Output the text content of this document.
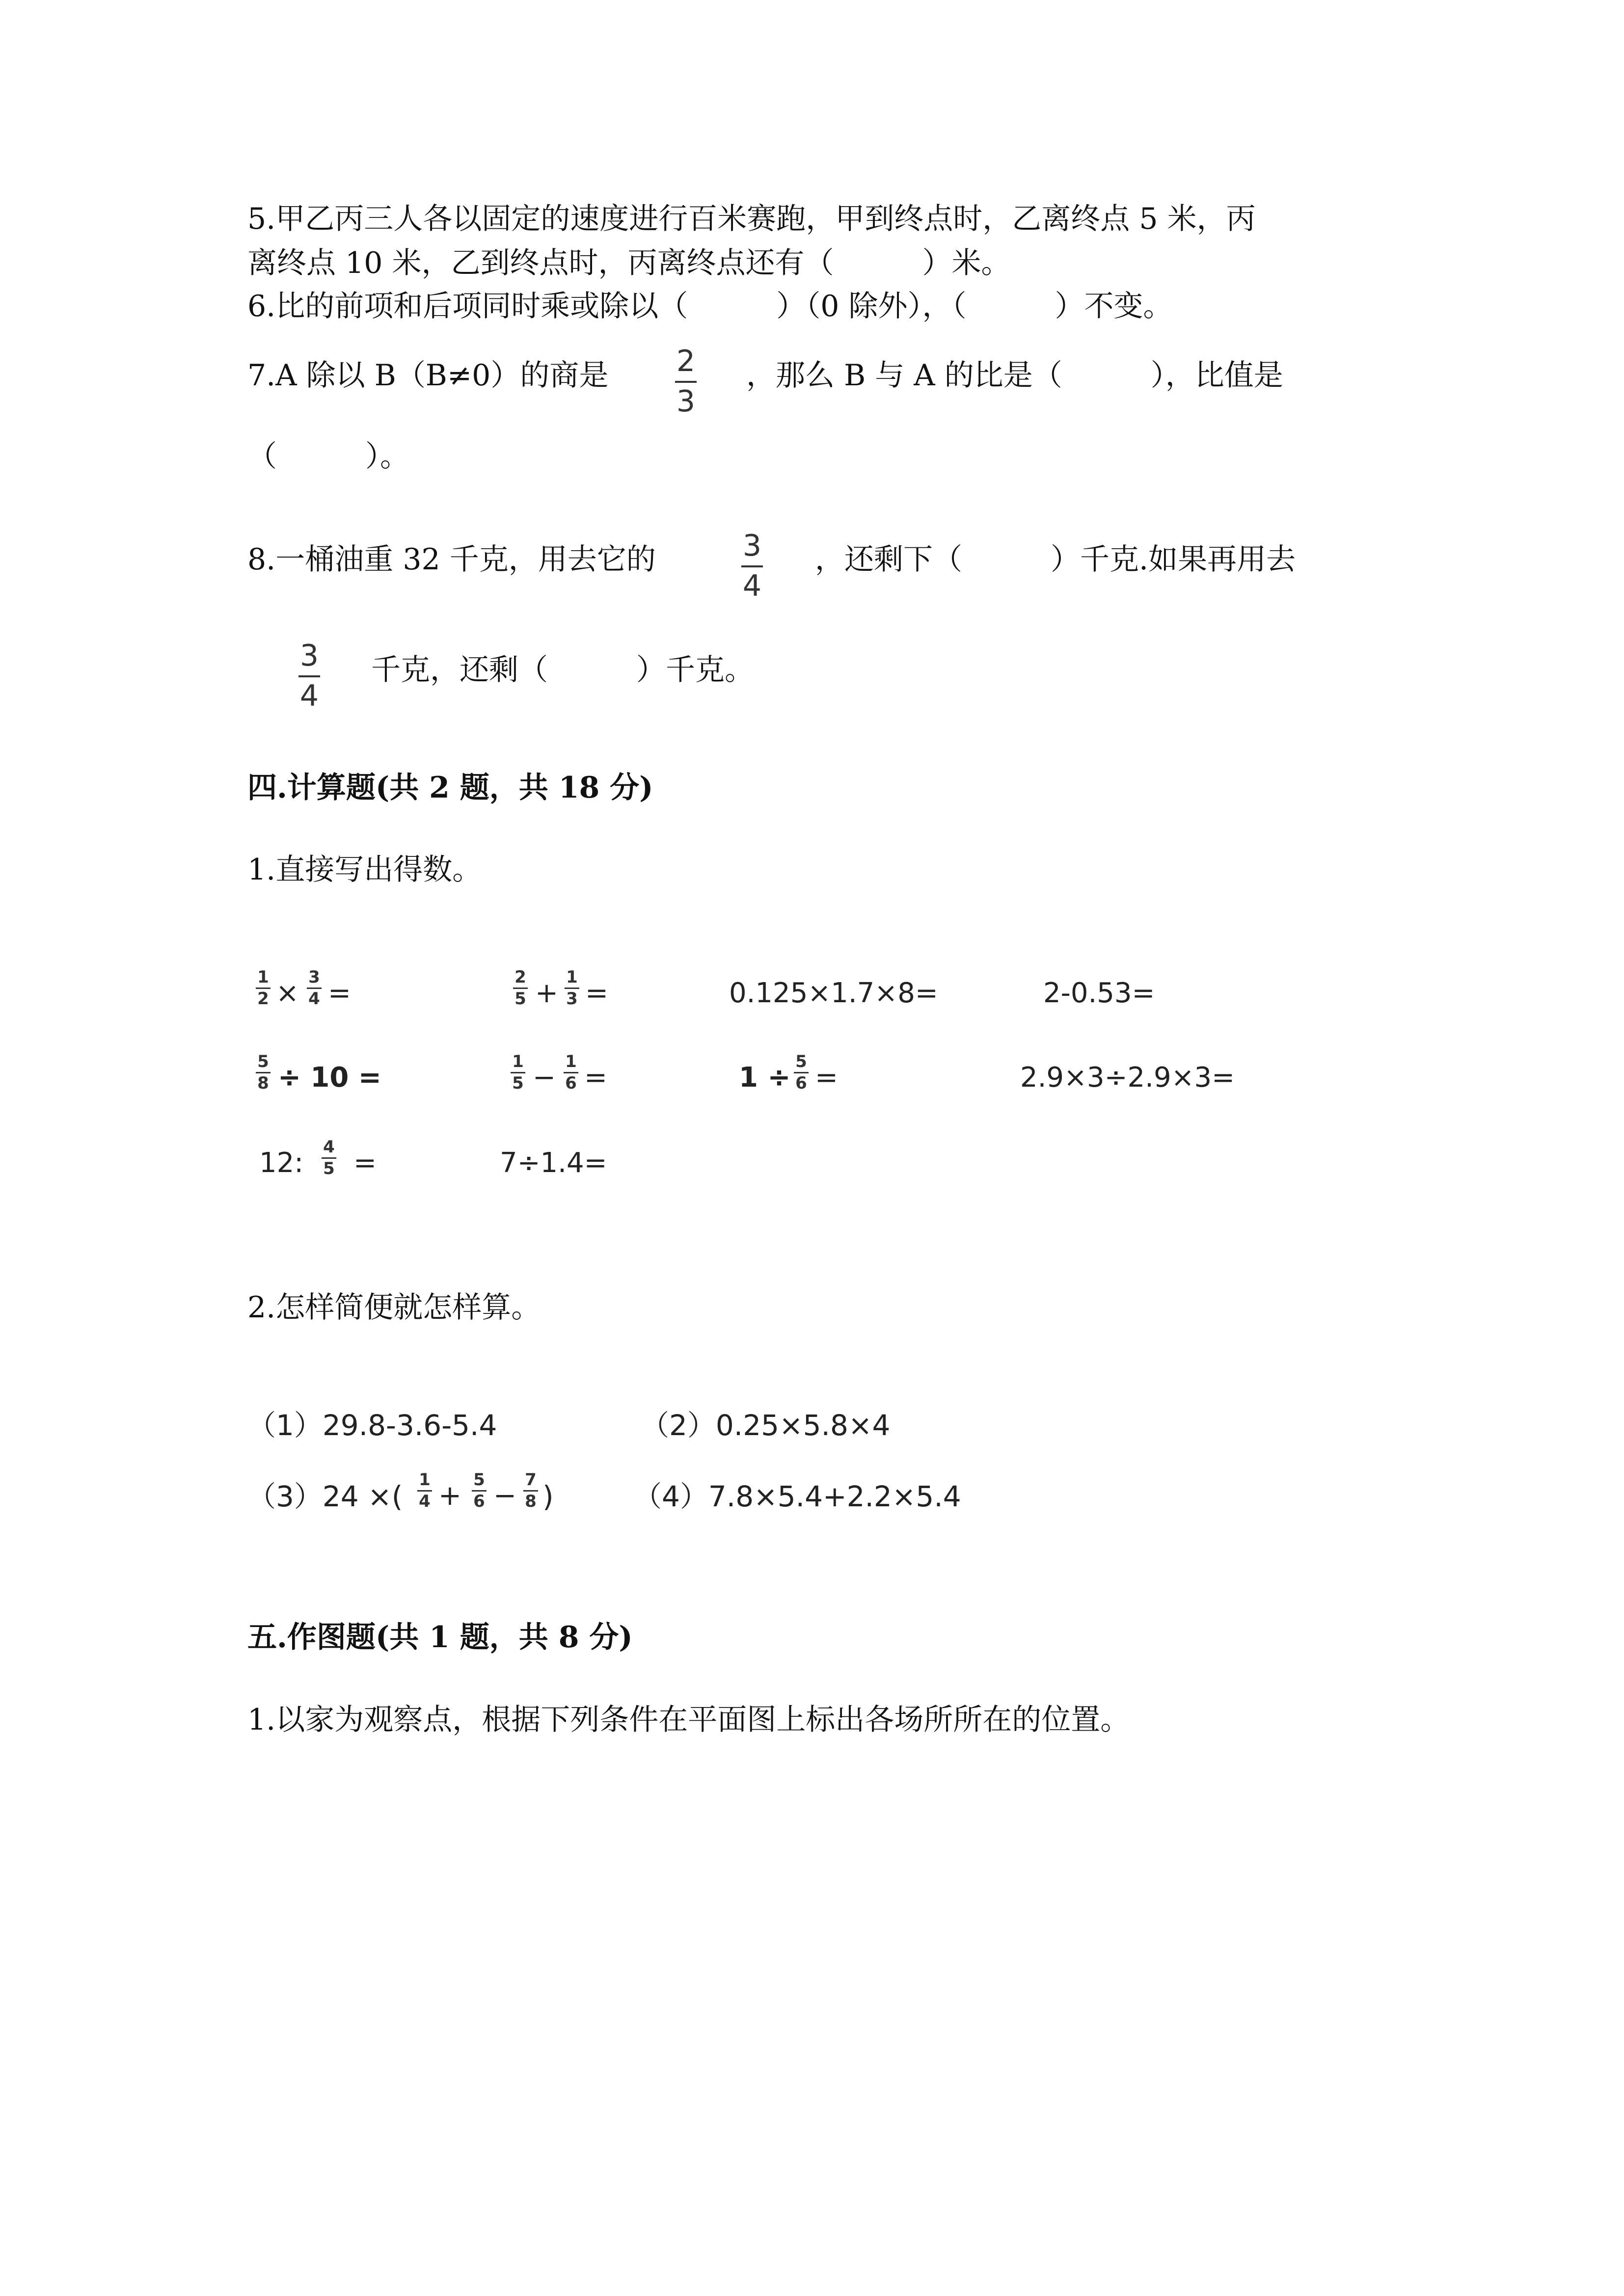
5.甲乙丙三人各以固定的速度进行百米赛跑，甲到终点时，乙离终点 5 米，丙
离终点 10 米，乙到终点时，丙离终点还有（　　　）米。
6.比的前项和后项同时乘或除以（　　　）（0 除外），（　　　）不变。
7.A 除以 B（B≠0）的商是 2
3
，那么 B 与 A 的比是（　　　），比值是
（　　　）。
8.一桶油重 32 千克，用去它的	3
4
，还剩下（　　　）千克.如果再用去
3
4
千克，还剩（　　　）千克。
四.计算题(共 2 题，共 18 分)
1.直接写出得数。
1
2 × 3
4 =	2
5 + 1
3 =	0.125×1.7×8=	2-0.53=
5
8 ÷ 10 =	1
5 − 1
6 =	1 ÷ 5
6 =	2.9×3÷2.9×3=
12: 4
5 =	7÷1.4=
2.怎样简便就怎样算。
（1）29.8-3.6-5.4	（2）0.25×5.8×4
（3）24 ×( 1
4 + 5
6 − 7
8 )	（4）7.8×5.4+2.2×5.4
五.作图题(共 1 题，共 8 分)
1.以家为观察点，根据下列条件在平面图上标出各场所所在的位置。
